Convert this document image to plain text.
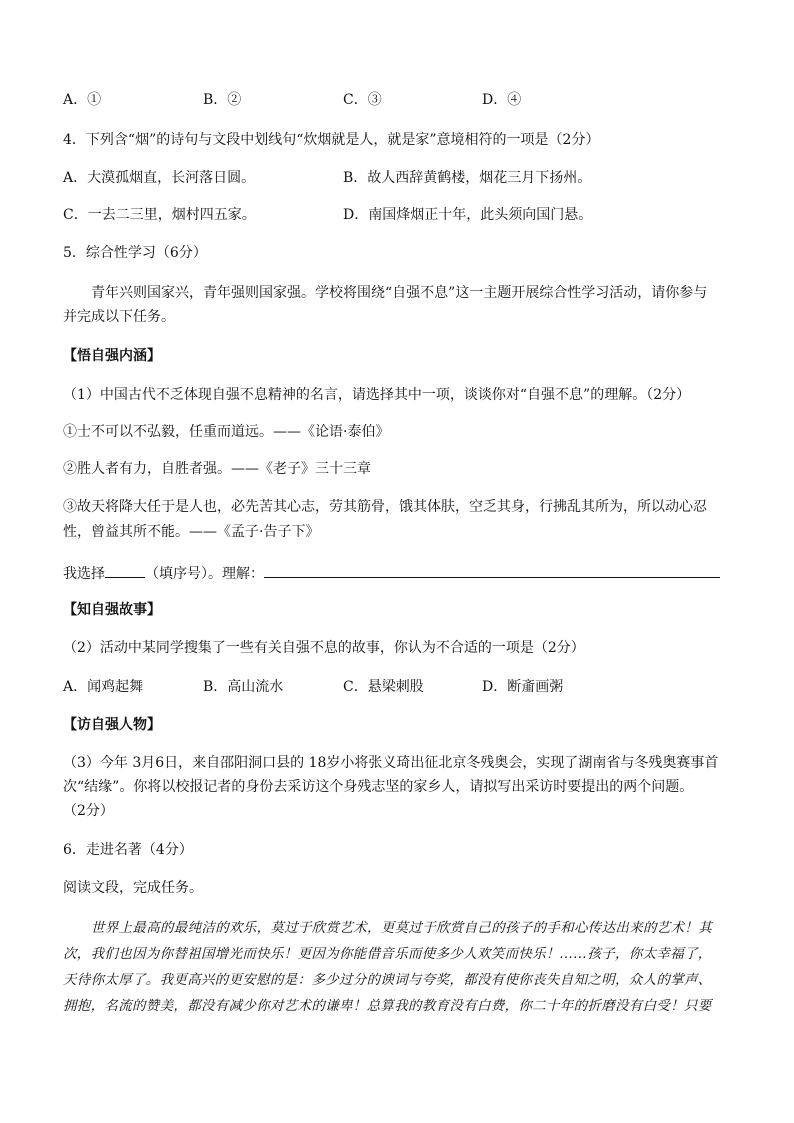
A．①	B．②	C．③	D．④
4．下列含“烟”的诗句与文段中划线句“炊烟就是人，就是家”意境相符的一项是（2分）
A．大漠孤烟直，长河落日圆。	B．故人西辞黄鹤楼，烟花三月下扬州。
C．一去二三里，烟村四五家。	D．南国烽烟正十年，此头须向国门悬。
5．综合性学习（6分）
青年兴则国家兴，青年强则国家强。学校将围绕“自强不息”这一主题开展综合性学习活动，请你参与
并完成以下任务。
【悟自强内涵】
（1）中国古代不乏体现自强不息精神的名言，请选择其中一项，谈谈你对“自强不息”的理解。（2分）
①士不可以不弘毅，任重而道远。——《论语·泰伯》
②胜人者有力，自胜者强。——《老子》三十三章
③故天将降大任于是人也，必先苦其心志，劳其筋骨，饿其体肤，空乏其身，行拂乱其所为，所以动心忍
性，曾益其所不能。——《孟子·告子下》
我选择	（填序号）。理解：
【知自强故事】
（2）活动中某同学搜集了一些有关自强不息的故事，你认为不合适的一项是（2分）
A．闻鸡起舞	B．高山流水	C．悬梁刺股	D．断齑画粥
【访自强人物】
（3）今年 3月6日，来自邵阳洞口县的 18岁小将张义琦出征北京冬残奥会，实现了湖南省与冬残奥赛事首
次“结缘”。你将以校报记者的身份去采访这个身残志坚的家乡人，请拟写出采访时要提出的两个问题。
（2分）
6．走进名著（4分）
阅读文段，完成任务。
世界上最高的最纯洁的欢乐，莫过于欣赏艺术，更莫过于欣赏自己的孩子的手和心传达出来的艺术！其
次，我们也因为你替祖国增光而快乐！更因为你能借音乐而使多少人欢笑而快乐！……孩子，你太幸福了，
天待你太厚了。我更高兴的更安慰的是：多少过分的谀词与夸奖，都没有使你丧失自知之明，众人的掌声、
拥抱，名流的赞美，都没有减少你对艺术的谦卑！总算我的教育没有白费，你二十年的折磨没有白受！只要
